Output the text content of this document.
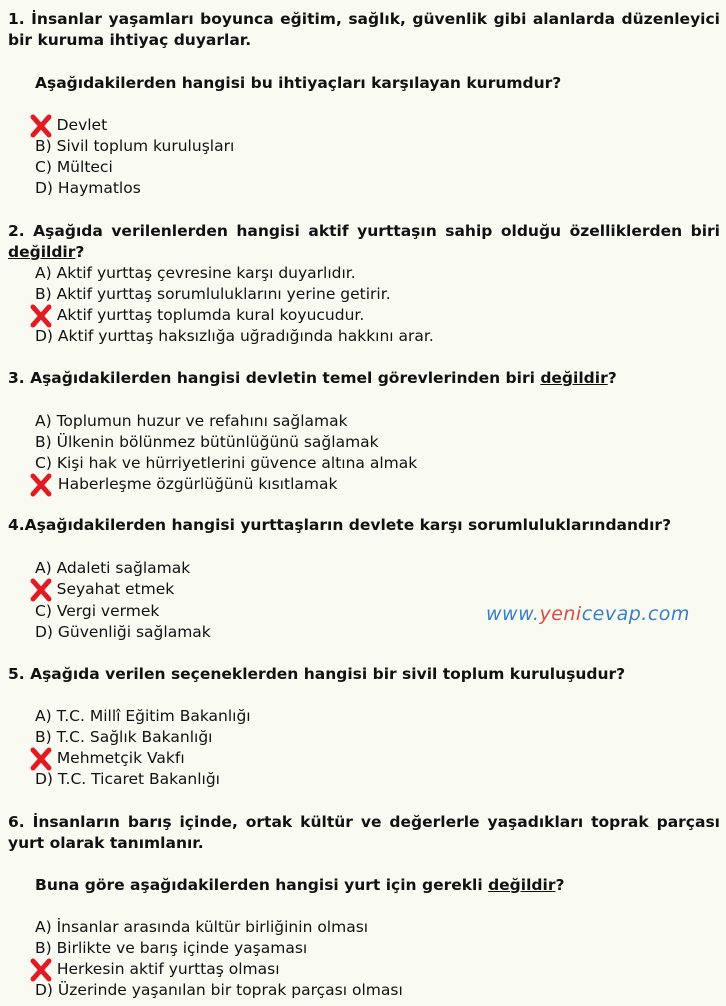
1. İnsanlar yaşamları boyunca eğitim, sağlık, güvenlik gibi alanlarda düzenleyici bir kuruma ihtiyaç duyarlar.
Aşağıdakilerden hangisi bu ihtiyaçları karşılayan kurumdur?
Devlet
B) Sivil toplum kuruluşları
C) Mülteci
D) Haymatlos
2. Aşağıda verilenlerden hangisi aktif yurttaşın sahip olduğu özelliklerden biri değildir?
A) Aktif yurttaş çevresine karşı duyarlıdır.
B) Aktif yurttaş sorumluluklarını yerine getirir.
Aktif yurttaş toplumda kural koyucudur.
D) Aktif yurttaş haksızlığa uğradığında hakkını arar.
3. Aşağıdakilerden hangisi devletin temel görevlerinden biri değildir?
A) Toplumun huzur ve refahını sağlamak
B) Ülkenin bölünmez bütünlüğünü sağlamak
C) Kişi hak ve hürriyetlerini güvence altına almak
Haberleşme özgürlüğünü kısıtlamak
4.Aşağıdakilerden hangisi yurttaşların devlete karşı sorumluluklarındandır?
A) Adaleti sağlamak
Seyahat etmek
C) Vergi vermek
D) Güvenliği sağlamak
www.yenicevap.com
5. Aşağıda verilen seçeneklerden hangisi bir sivil toplum kuruluşudur?
A) T.C. Millî Eğitim Bakanlığı
B) T.C. Sağlık Bakanlığı
Mehmetçik Vakfı
D) T.C. Ticaret Bakanlığı
6. İnsanların barış içinde, ortak kültür ve değerlerle yaşadıkları toprak parçası yurt olarak tanımlanır.
Buna göre aşağıdakilerden hangisi yurt için gerekli değildir?
A) İnsanlar arasında kültür birliğinin olması
B) Birlikte ve barış içinde yaşaması
Herkesin aktif yurttaş olması
D) Üzerinde yaşanılan bir toprak parçası olması
